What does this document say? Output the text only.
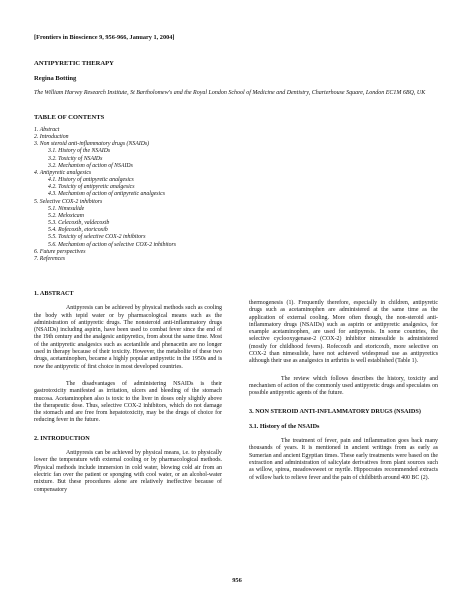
[Frontiers in Bioscience 9, 956-966, January 1, 2004]
ANTIPYRETIC THERAPY
Regina Botting
The William Harvey Research Institute, St Bartholomew's and the Royal London School of Medicine and Dentistry, Charterhouse Square, London EC1M 6BQ, UK
TABLE OF CONTENTS
1. Abstract
2. Introduction
3. Non steroid anti-inflammatory drugs (NSAIDs)
3.1. History of the NSAIDs
3.2. Toxicity of NSAIDs
3.2. Mechanism of action of NSAIDs
4. Antipyretic analgesics
4.1. History of antipyretic analgesics
4.2. Toxicity of antipyretic analgesics
4.3. Mechanism of action of antipyretic analgesics
5. Selective COX-2 inhibitors
5.1. Nimesulide
5.2. Meloxicam
5.3. Celecoxib, valdecoxib
5.4. Rofecoxib, etoricoxib
5.5. Toxicity of selective COX-2 inhibitors
5.6. Mechanism of action of selective COX-2 inhibitors
6. Future perspectives
7. References
1. ABSTRACT

Antipyresis can be achieved by physical methods such as cooling the body with tepid water or by pharmacological means such as the administration of antipyretic drugs. The nonsteroid anti-inflammatory drugs (NSAIDs) including aspirin, have been used to combat fever since the end of the 19th century and the analgesic antipyretics, from about the same time. Most of the antipyretic analgesics such as acetanilide and phenacetin are no longer used in therapy because of their toxicity. However, the metabolite of these two drugs, acetaminophen, became a highly popular antipyretic in the 1950s and is now the antipyretic of first choice in most developed countries.

The disadvantages of administering NSAIDs is their gastrotoxicity manifested as irritation, ulcers and bleeding of the stomach mucosa. Acetaminophen also is toxic to the liver in doses only slightly above the therapeutic dose. Thus, selective COX-2 inhibitors, which do not damage the stomach and are free from hepatotoxicity, may be the drugs of choice for reducing fever in the future.

2. INTRODUCTION

Antipyresis can be achieved by physical means, i.e. to physically lower the temperature with external cooling or by pharmacological methods. Physical methods include immersion in cold water, blowing cold air from an electric fan over the patient or sponging with cool water, or an alcohol-water mixture. But these procedures alone are relatively ineffective because of compensatory

thermogenesis (1). Frequently therefore, especially in children, antipyretic drugs such as acetaminophen are administered at the same time as the application of external cooling. More often though, the non-steroid anti-inflammatory drugs (NSAIDs) such as aspirin or antipyretic analgesics, for example acetaminophen, are used for antipyresis. In some countries, the selective cyclooxygenase-2 (COX-2) inhibitor nimesulide is administered (mostly for childhood fevers). Rofecoxib and etoricoxib, more selective on COX-2 than nimesulide, have not achieved widespread use as antipyretics although their use as analgesics in arthritis is well established (Table 1).

The review which follows describes the history, toxicity and mechanism of action of the commonly used antipyretic drugs and speculates on possible antipyretic agents of the future.

3. NON STEROID ANTI-INFLAMMATORY DRUGS (NSAIDS)
3.1. History of the NSAIDs

The treatment of fever, pain and inflammation goes back many thousands of years. It is mentioned in ancient writings from as early as Sumerian and ancient Egyptian times. These early treatments were based on the extraction and administration of salicylate derivatives from plant sources such as willow, spirea, meadowsweet or myrtle. Hippocrates recommended extracts of willow bark to relieve fever and the pain of childbirth around 400 BC (2).

956
